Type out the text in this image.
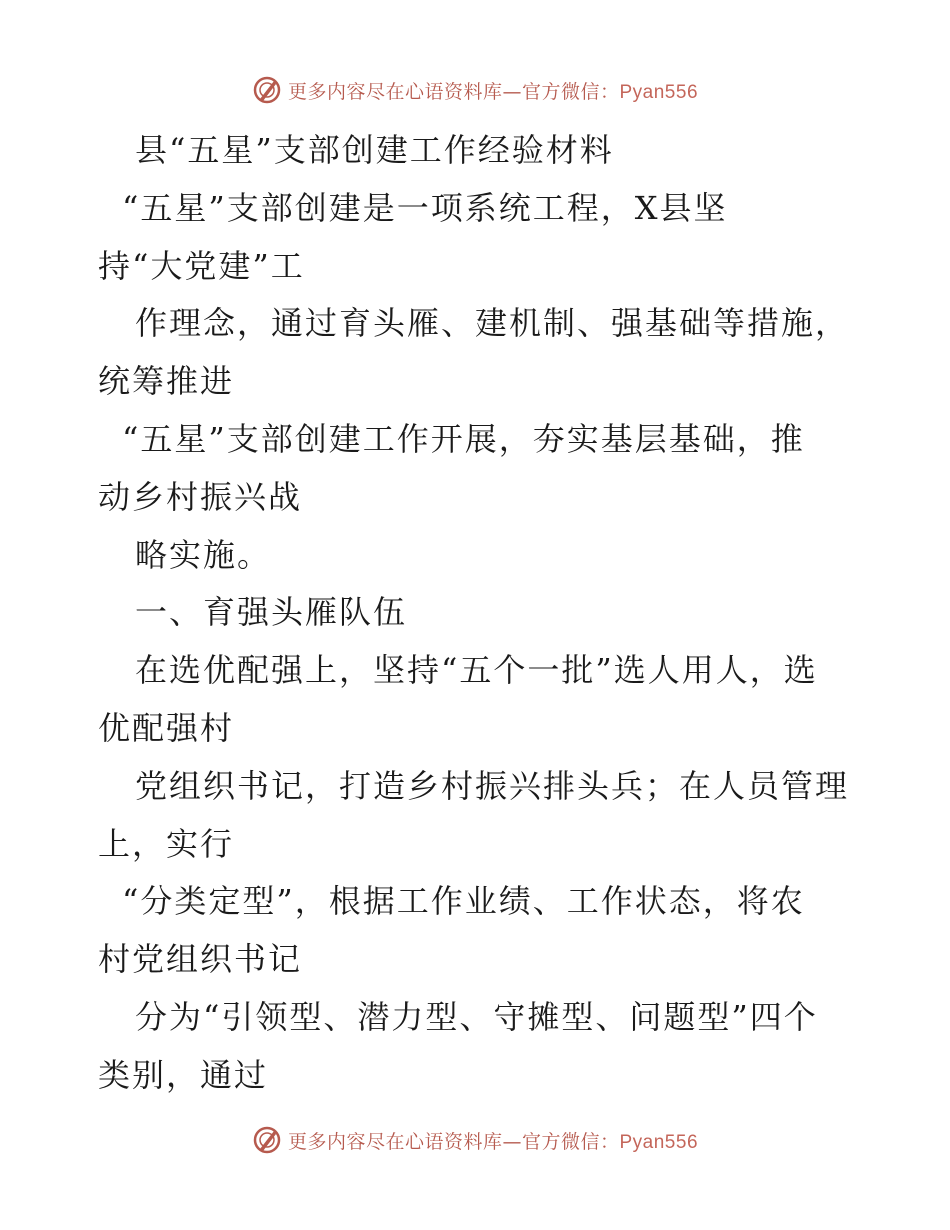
更多内容尽在心语资料库—官方微信：Pyan556
县“五星”支部创建工作经验材料
“五星”支部创建是一项系统工程，X县坚
持“大党建”工
作理念，通过育头雁、建机制、强基础等措施，
统筹推进
“五星”支部创建工作开展，夯实基层基础，推
动乡村振兴战
略实施。
一、育强头雁队伍
在选优配强上，坚持“五个一批”选人用人，选
优配强村
党组织书记，打造乡村振兴排头兵；在人员管理
上，实行
“分类定型”，根据工作业绩、工作状态，将农
村党组织书记
分为“引领型、潜力型、守摊型、问题型”四个
类别，通过
更多内容尽在心语资料库—官方微信：Pyan556
